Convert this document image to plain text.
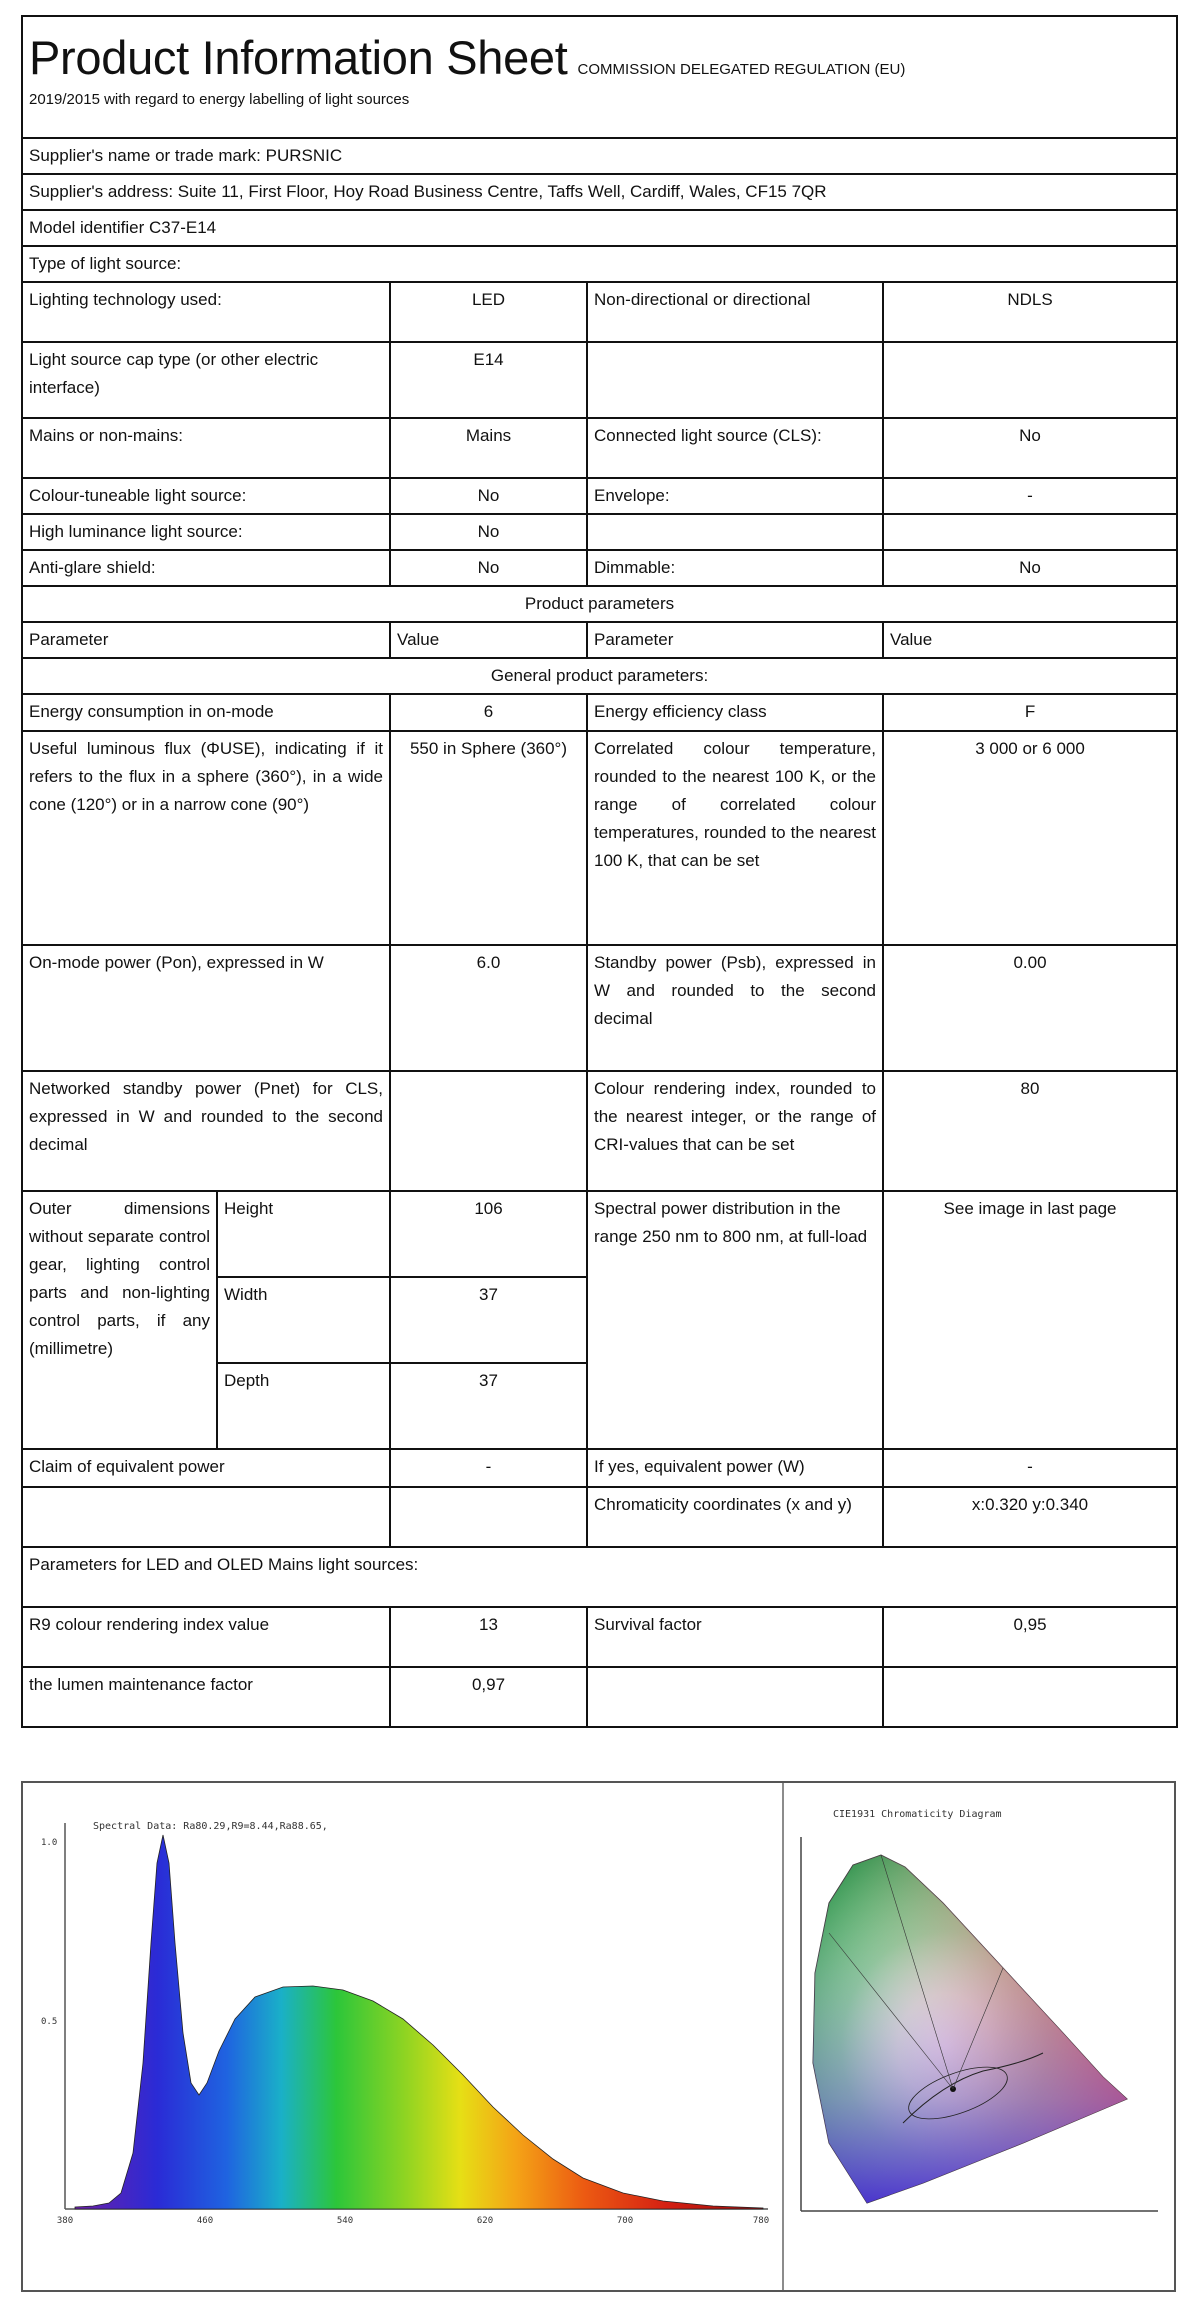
Product Information Sheet COMMISSION DELEGATED REGULATION (EU)
2019/2015 with regard to energy labelling of light sources				
Supplier's name or trade mark: PURSNIC				
Supplier's address: Suite 11, First Floor, Hoy Road Business Centre, Taffs Well, Cardiff, Wales, CF15 7QR				
Model identifier C37-E14				
Type of light source:				
Lighting technology used:		LED	Non-directional or directional	NDLS
Light source cap type (or other electric interface)		E14		
Mains or non-mains:		Mains	Connected light source (CLS):	No
Colour-tuneable light source:		No	Envelope:	-
High luminance light source:		No		
Anti-glare shield:		No	Dimmable:	No
Product parameters				
Parameter		Value	Parameter	Value
General product parameters:				
Energy consumption in on-mode		6	Energy efficiency class	F
Useful luminous flux (ΦUSE), indicating if it refers to the flux in a sphere (360°), in a wide cone (120°) or in a narrow cone (90°)		550 in Sphere (360°)	Correlated colour temperature, rounded to the nearest 100 K, or the range of correlated colour temperatures, rounded to the nearest 100 K, that can be set	3 000 or 6 000
On-mode power (Pon), expressed in W		6.0	Standby power (Psb), expressed in W and rounded to the second decimal	0.00
Networked standby power (Pnet) for CLS, expressed in W and rounded to the second decimal			Colour rendering index, rounded to the nearest integer, or the range of CRI-values that can be set	80
Outer dimensions without separate control gear, lighting control parts and non-lighting control parts, if any (millimetre)	Height	106	Spectral power distribution in the range 250 nm to 800 nm, at full-load	See image in last page
	Width	37		
	Depth	37		
Claim of equivalent power		-	If yes, equivalent power (W)	-
			Chromaticity coordinates (x and y)	x:0.320 y:0.340
Parameters for LED and OLED Mains light sources:				
R9 colour rendering index value		13	Survival factor	0,95
the lumen maintenance factor		0,97		
Spectral Data: Ra80.29,R9=8.44,Ra88.65,
1.0
0.5
380	460	540	620	700	780
CIE1931 Chromaticity Diagram
